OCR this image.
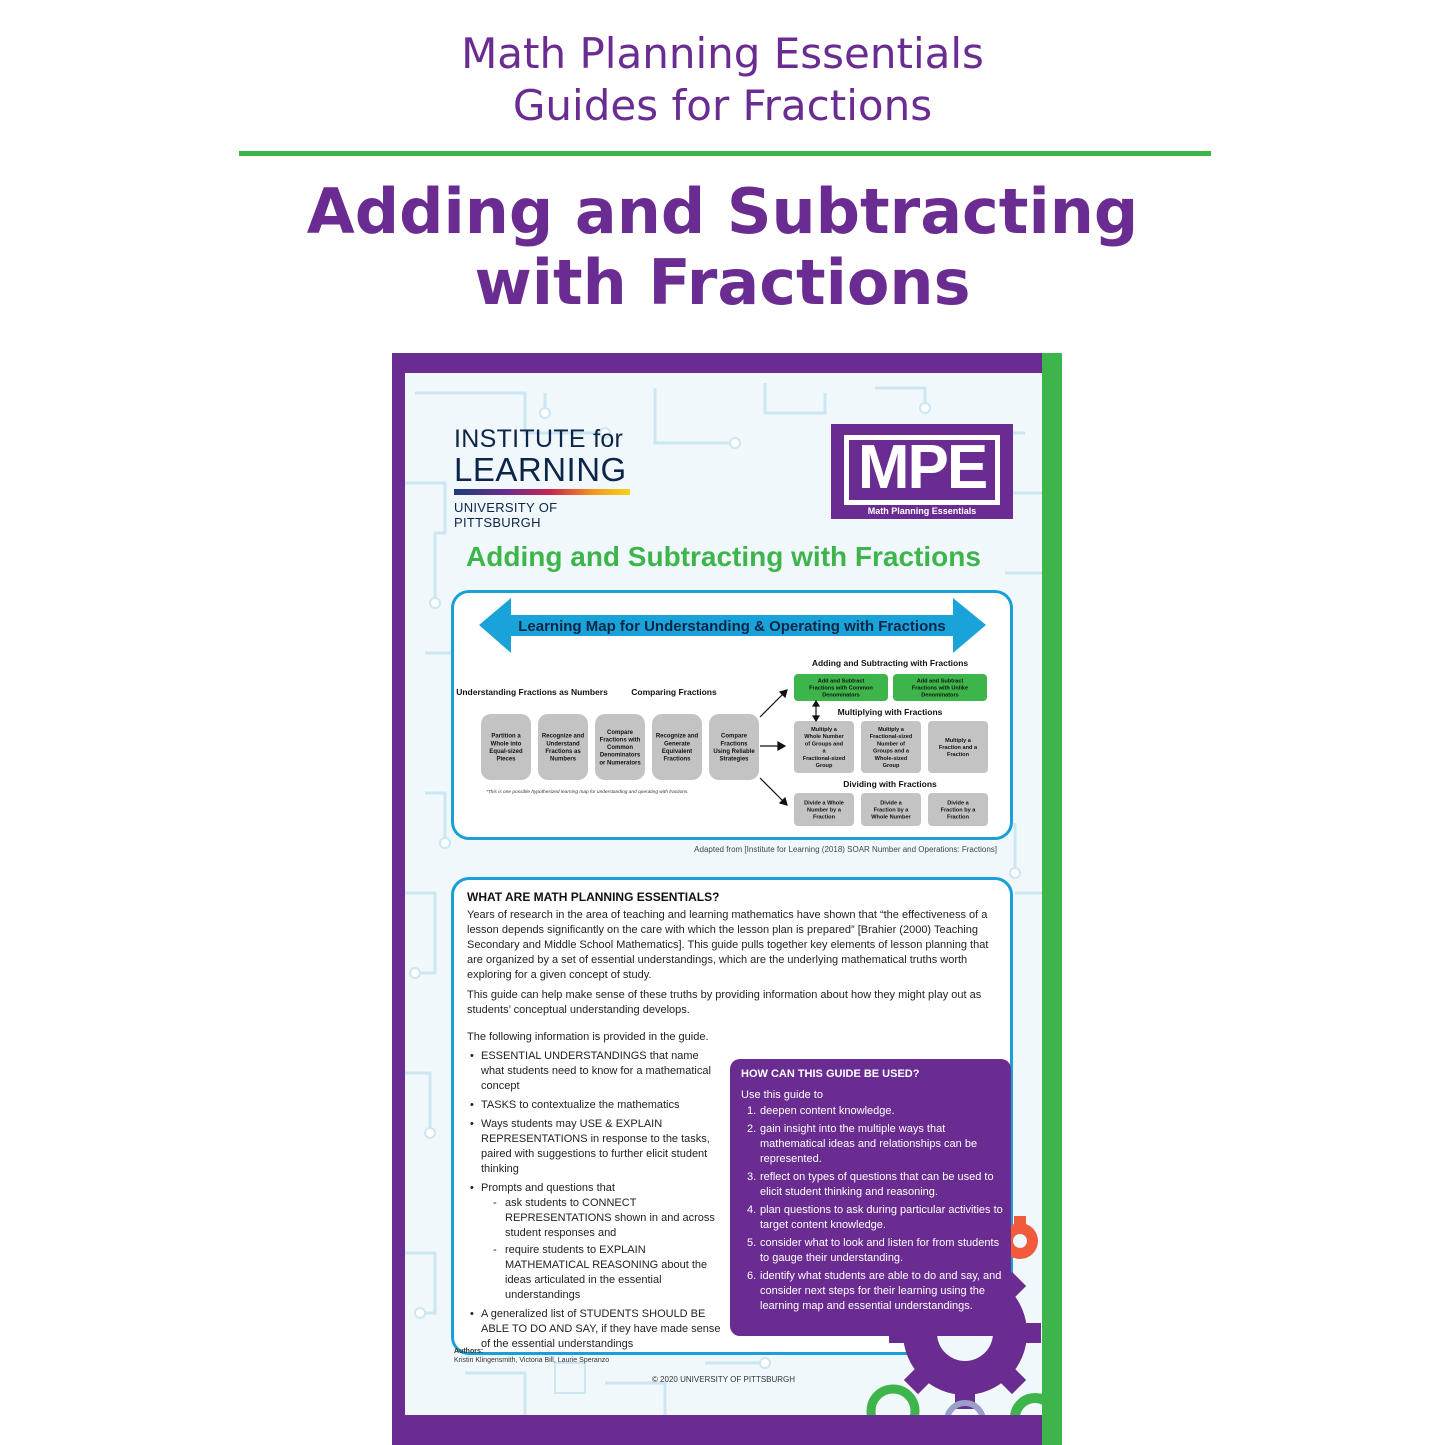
Math Planning Essentials
Guides for Fractions
Adding and Subtracting
with Fractions
INSTITUTE for
LEARNING
UNIVERSITY OF PITTSBURGH
MPE
Math Planning Essentials
Adding and Subtracting with Fractions
Learning Map for Understanding & Operating with Fractions
Understanding Fractions as Numbers	Comparing Fractions
Adding and Subtracting with Fractions
Multiplying with Fractions
Dividing with Fractions
Partition a
Whole into
Equal-sized
Pieces
Recognize and
Understand
Fractions as
Numbers
Compare
Fractions with
Common
Denominators
or Numerators
Recognize and
Generate
Equivalent
Fractions
Compare
Fractions
Using Reliable
Strategies
Add and Subtract
Fractions with Common
Denominators
Add and Subtract
Fractions with Unlike
Denominators
Multiply a
Whole Number
of Groups and
a
Fractional-sized
Group
Multiply a
Fractional-sized
Number of
Groups and a
Whole-sized
Group
Multiply a
Fraction and a
Fraction
Divide a Whole
Number by a
Fraction
Divide a
Fraction by a
Whole Number
Divide a
Fraction by a
Fraction
*This is one possible hypothesized learning map for understanding and operating with fractions.
Adapted from [Institute for Learning (2018) SOAR Number and Operations: Fractions]
WHAT ARE MATH PLANNING ESSENTIALS?

Years of research in the area of teaching and learning mathematics have shown that “the effectiveness of a lesson depends significantly on the care with which the lesson plan is prepared” [Brahier (2000) Teaching Secondary and Middle School Mathematics]. This guide pulls together key elements of lesson planning that are organized by a set of essential understandings, which are the underlying mathematical truths worth exploring for a given concept of study.

This guide can help make sense of these truths by providing information about how they might play out as students’ conceptual understanding develops.

The following information is provided in the guide.
• ESSENTIAL UNDERSTANDINGS that name what students need to know for a mathematical concept
• TASKS to contextualize the mathematics
• Ways students may USE & EXPLAIN REPRESENTATIONS in response to the tasks, paired with suggestions to further elicit student thinking
• Prompts and questions that
- ask students to CONNECT REPRESENTATIONS shown in and across student responses and
- require students to EXPLAIN MATHEMATICAL REASONING about the ideas articulated in the essential understandings
• A generalized list of STUDENTS SHOULD BE ABLE TO DO AND SAY, if they have made sense of the essential understandings
HOW CAN THIS GUIDE BE USED?
Use this guide to
1. deepen content knowledge.
2. gain insight into the multiple ways that mathematical ideas and relationships can be represented.
3. reflect on types of questions that can be used to elicit student thinking and reasoning.
4. plan questions to ask during particular activities to target content knowledge.
5. consider what to look and listen for from students to gauge their understanding.
6. identify what students are able to do and say, and consider next steps for their learning using the learning map and essential understandings.
Authors:
Kristin Klingensmith, Victoria Bill, Laurie Speranzo
© 2020 UNIVERSITY OF PITTSBURGH
